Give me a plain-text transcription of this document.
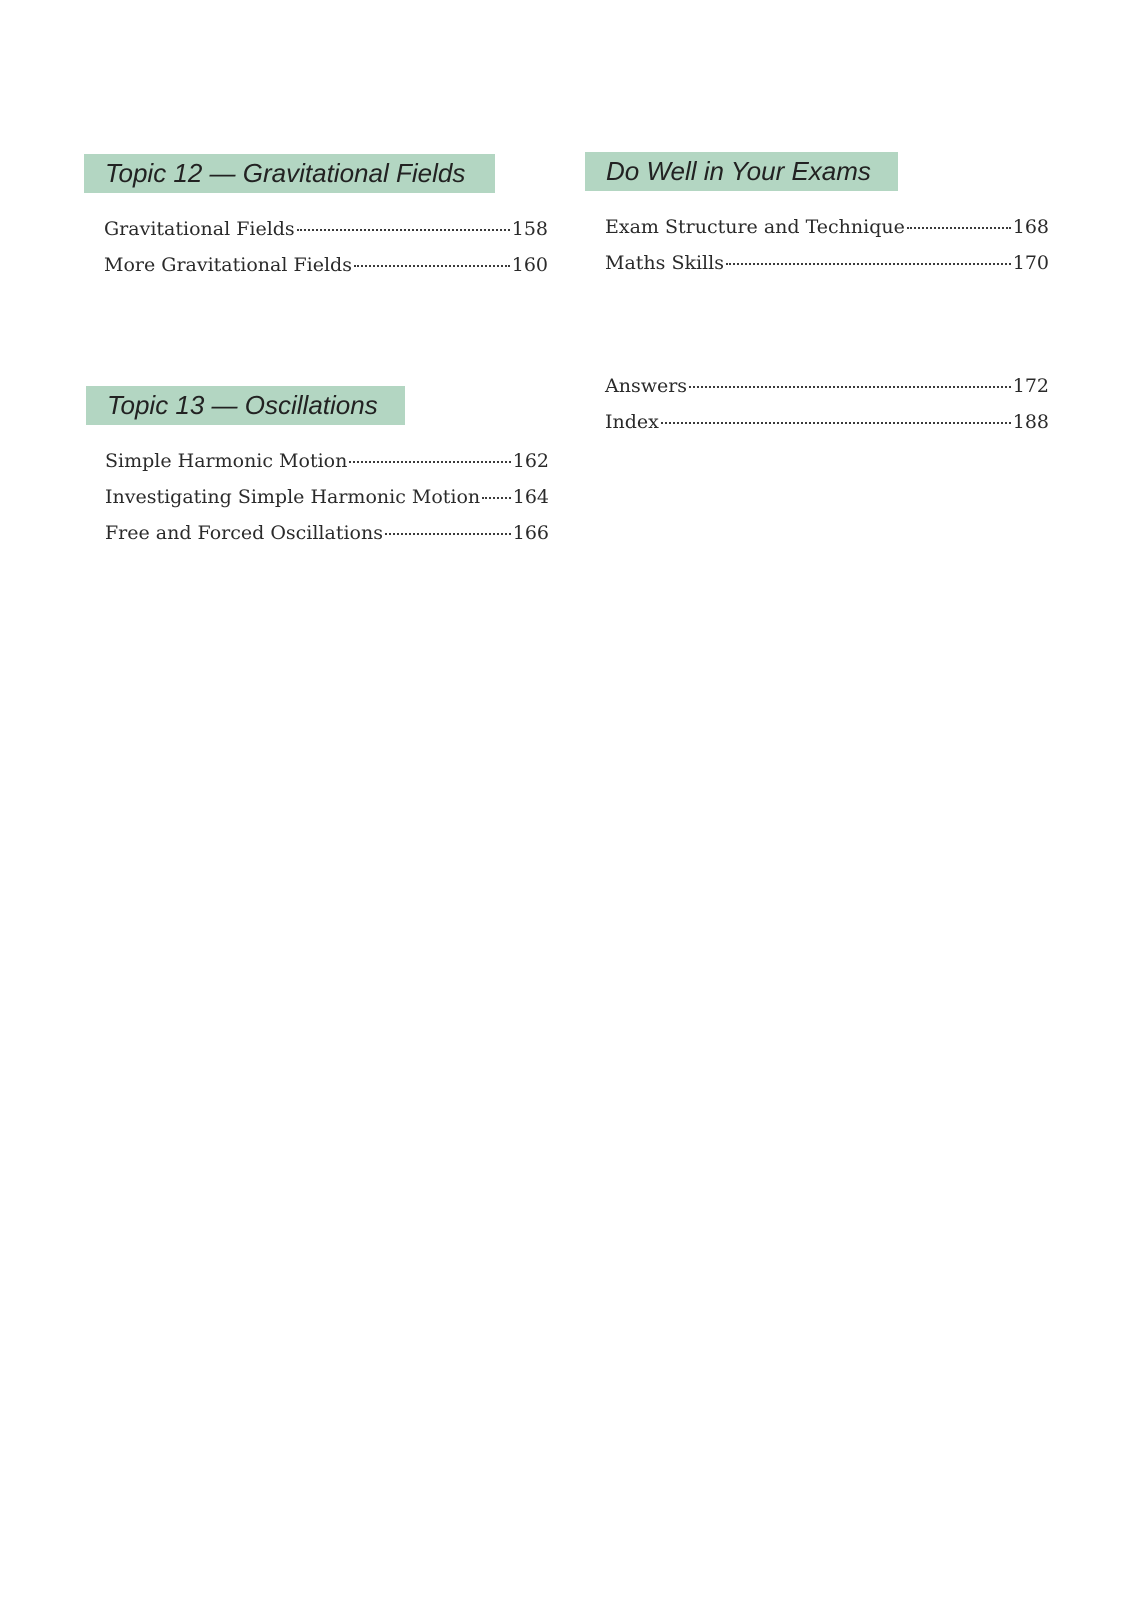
Topic 12 — Gravitational Fields
Gravitational Fields	158
More Gravitational Fields	160
Topic 13 — Oscillations
Simple Harmonic Motion	162
Investigating Simple Harmonic Motion 164
Free and Forced Oscillations	166
Do Well in Your Exams
Exam Structure and Technique	168
Maths Skills	170
Answers	172
Index	188
